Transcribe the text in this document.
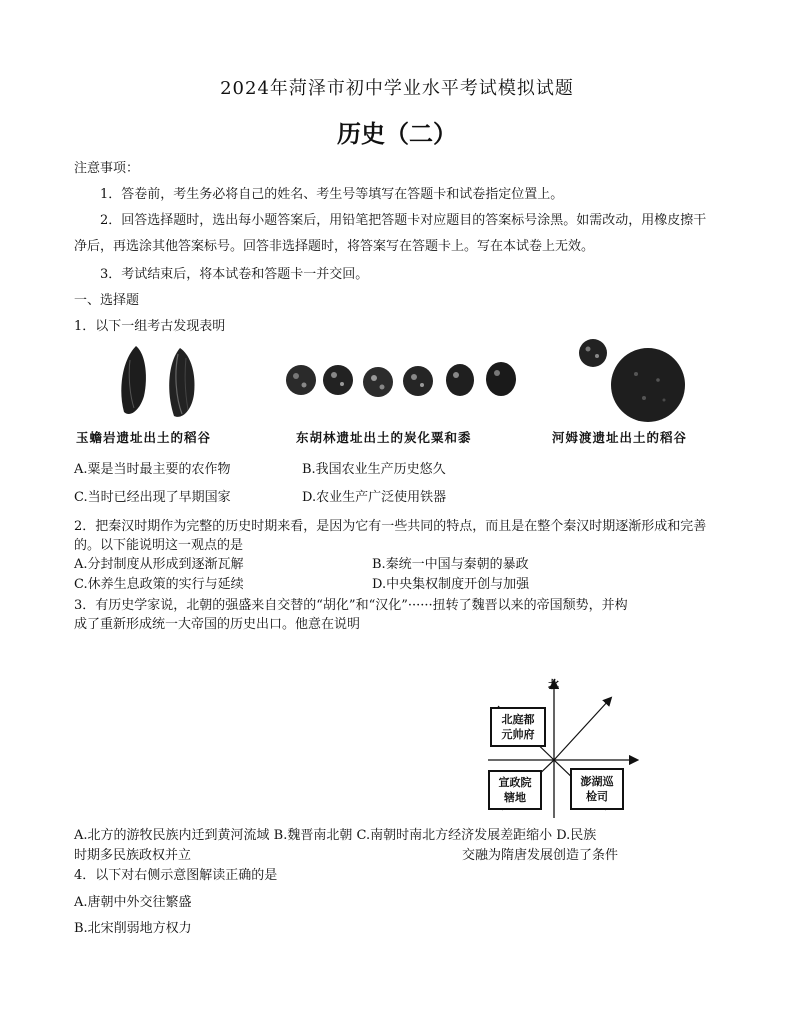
2024年菏泽市初中学业水平考试模拟试题
历史（二）
注意事项：
1．答卷前，考生务必将自己的姓名、考生号等填写在答题卡和试卷指定位置上。
2．回答选择题时，选出每小题答案后，用铅笔把答题卡对应题目的答案标号涂黑。如需改动，用橡皮擦干
净后，再选涂其他答案标号。回答非选择题时，将答案写在答题卡上。写在本试卷上无效。
3．考试结束后，将本试卷和答题卡一并交回。
一、选择题
1．以下一组考古发现表明
玉蟾岩遗址出土的稻谷	东胡林遗址出土的炭化粟和黍	河姆渡遗址出土的稻谷
A.粟是当时最主要的农作物	B.我国农业生产历史悠久
C.当时已经出现了早期国家	D.农业生产广泛使用铁器
2．把秦汉时期作为完整的历史时期来看，是因为它有一些共同的特点，而且是在整个秦汉时期逐渐形成和完善
的。以下能说明这一观点的是
A.分封制度从形成到逐渐瓦解	B.秦统一中国与秦朝的暴政
C.休养生息政策的实行与延续	D.中央集权制度开创与加强
3．有历史学家说，北朝的强盛来自交替的“胡化”和“汉化”······扭转了魏晋以来的帝国颓势，并构
成了重新形成统一大帝国的历史出口。他意在说明
北
北庭都元帅府
宣政院辖地
澎湖巡检司
A.北方的游牧民族内迁到黄河流域 B.魏晋南北朝 C.南朝时南北方经济发展差距缩小 D.民族
时期多民族政权并立	交融为隋唐发展创造了条件
4．以下对右侧示意图解读正确的是
A.唐朝中外交往繁盛
B.北宋削弱地方权力
